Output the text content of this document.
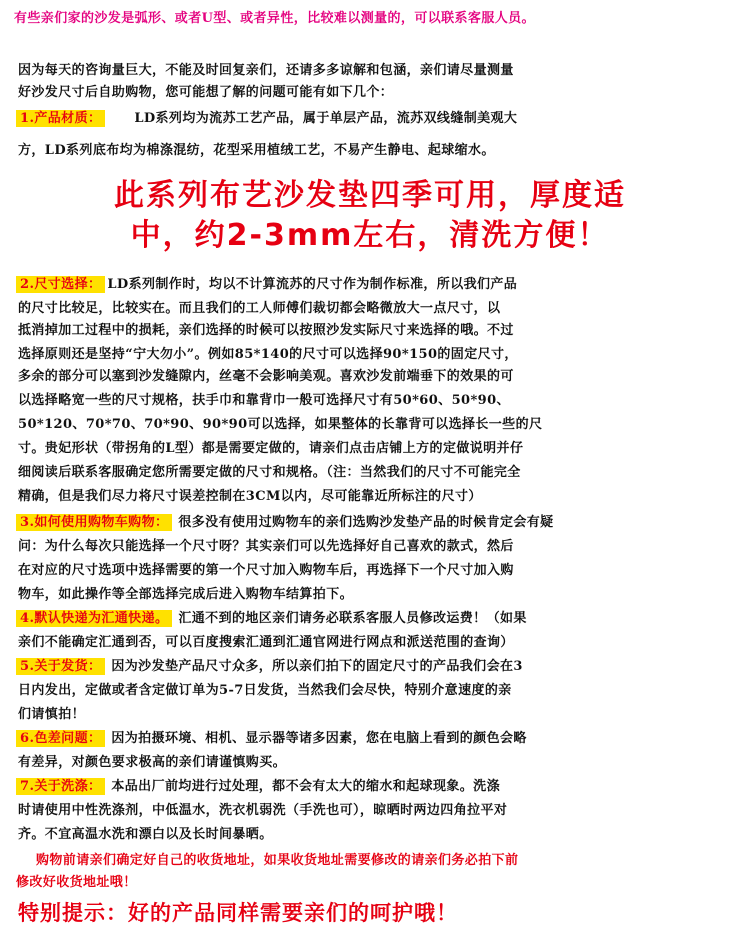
有些亲们家的沙发是弧形、或者U型、或者异性，比较难以测量的，可以联系客服人员。
因为每天的咨询量巨大，不能及时回复亲们，还请多多谅解和包涵，亲们请尽量测量
好沙发尺寸后自助购物，您可能想了解的问题可能有如下几个：
1.产品材质：	LD系列均为流苏工艺产品，属于单层产品，流苏双线缝制美观大
方，LD系列底布均为棉涤混纺，花型采用植绒工艺，不易产生静电、起球缩水。
此系列布艺沙发垫四季可用，厚度适
中，约2-3mm左右，清洗方便！
2.尺寸选择： LD系列制作时，均以不计算流苏的尺寸作为制作标准，所以我们产品
的尺寸比较足，比较实在。而且我们的工人师傅们裁切都会略微放大一点尺寸，以
抵消掉加工过程中的损耗，亲们选择的时候可以按照沙发实际尺寸来选择的哦。不过
选择原则还是坚持“宁大勿小”。例如85*140的尺寸可以选择90*150的固定尺寸，
多余的部分可以塞到沙发缝隙内，丝毫不会影响美观。喜欢沙发前端垂下的效果的可
以选择略宽一些的尺寸规格，扶手巾和靠背巾一般可选择尺寸有50*60、50*90、
50*120、70*70、70*90、90*90可以选择，如果整体的长靠背可以选择长一些的尺
寸。贵妃形状（带拐角的L型）都是需要定做的，请亲们点击店铺上方的定做说明并仔
细阅读后联系客服确定您所需要定做的尺寸和规格。（注：当然我们的尺寸不可能完全
精确，但是我们尽力将尺寸误差控制在3CM以内，尽可能靠近所标注的尺寸）
3.如何使用购物车购物： 很多没有使用过购物车的亲们选购沙发垫产品的时候肯定会有疑
问：为什么每次只能选择一个尺寸呀？其实亲们可以先选择好自己喜欢的款式，然后
在对应的尺寸选项中选择需要的第一个尺寸加入购物车后，再选择下一个尺寸加入购
物车，如此操作等全部选择完成后进入购物车结算拍下。
4.默认快递为汇通快递。 汇通不到的地区亲们请务必联系客服人员修改运费！（如果
亲们不能确定汇通到否，可以百度搜索汇通到汇通官网进行网点和派送范围的查询）
5.关于发货： 因为沙发垫产品尺寸众多，所以亲们拍下的固定尺寸的产品我们会在3
日内发出，定做或者含定做订单为5-7日发货，当然我们会尽快，特别介意速度的亲
们请慎拍！
6.色差问题： 因为拍摄环境、相机、显示器等诸多因素，您在电脑上看到的颜色会略
有差异，对颜色要求极高的亲们请谨慎购买。
7.关于洗涤： 本品出厂前均进行过处理，都不会有太大的缩水和起球现象。洗涤
时请使用中性洗涤剂，中低温水，洗衣机弱洗（手洗也可），晾晒时两边四角拉平对
齐。不宜高温水洗和漂白以及长时间暴晒。
购物前请亲们确定好自己的收货地址，如果收货地址需要修改的请亲们务必拍下前
修改好收货地址哦！
特别提示：好的产品同样需要亲们的呵护哦！
